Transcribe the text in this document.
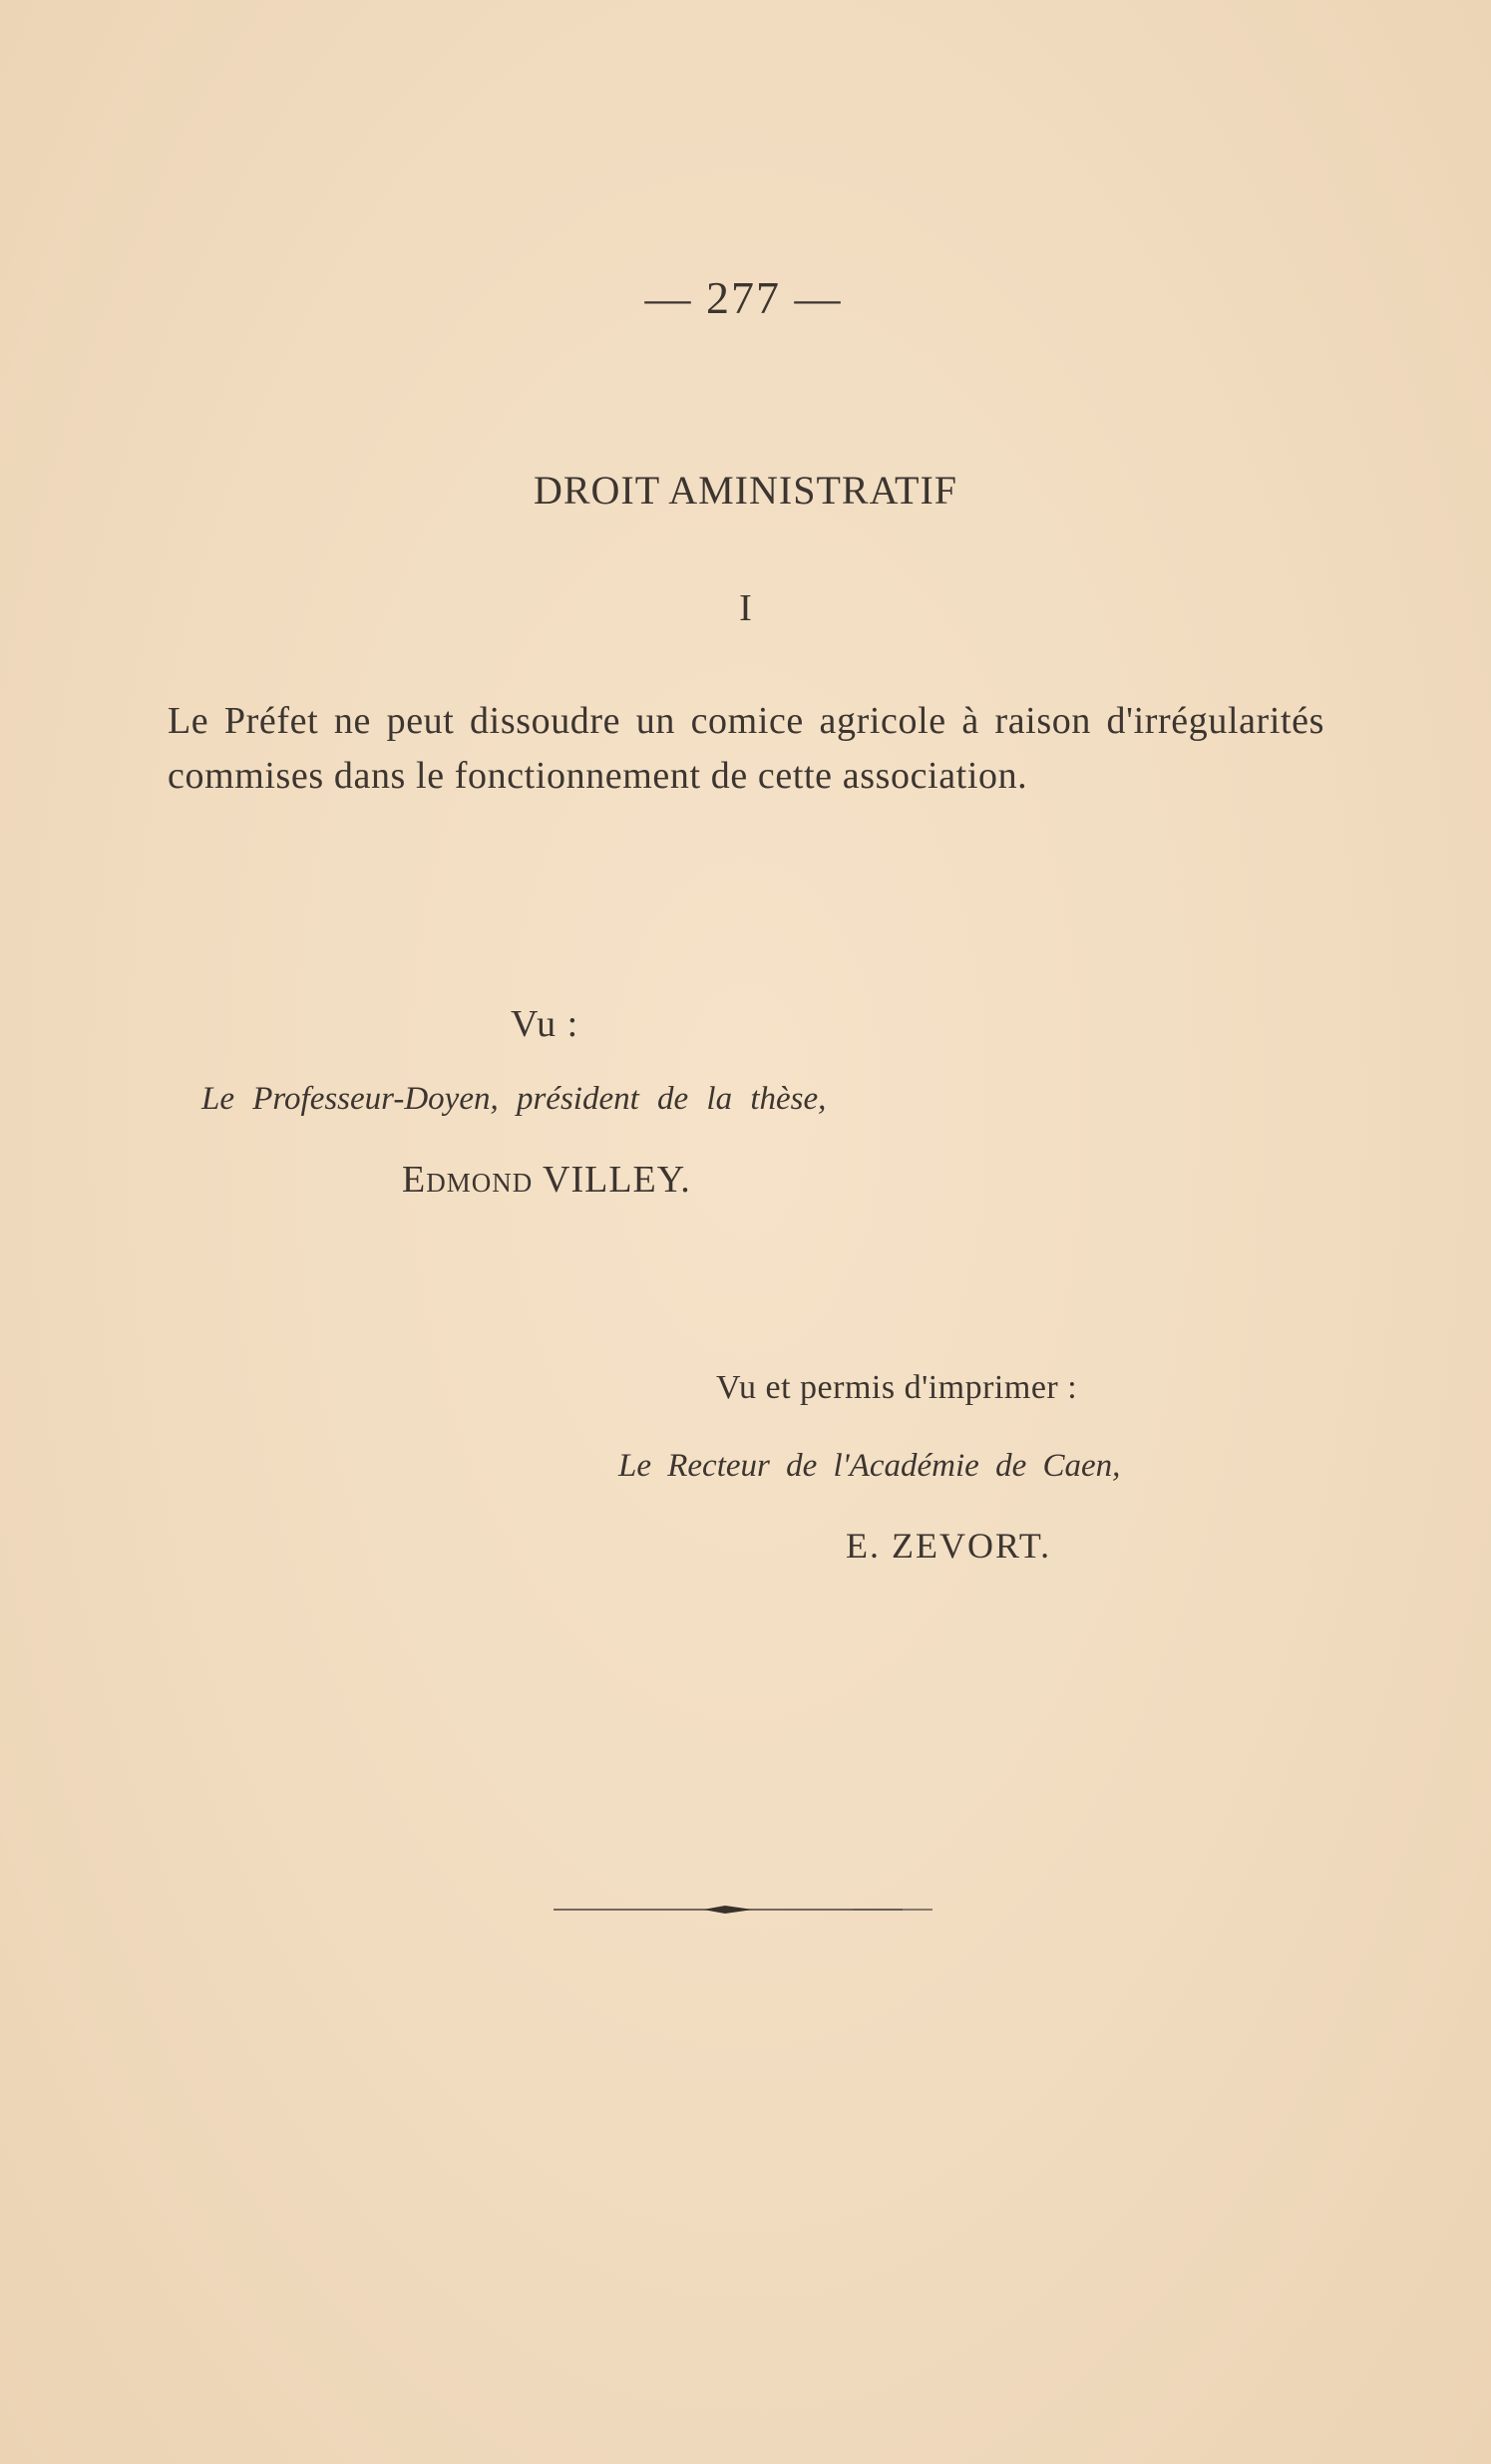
— 277 —
DROIT AMINISTRATIF
I
Le Préfet ne peut dissoudre un comice agricole à raison d'irrégularités commises dans le fonctionnement de cette association.
Vu :
Le Professeur-Doyen, président de la thèse,
Edmond VILLEY.
Vu et permis d'imprimer :
Le Recteur de l'Académie de Caen,
E. ZEVORT.
